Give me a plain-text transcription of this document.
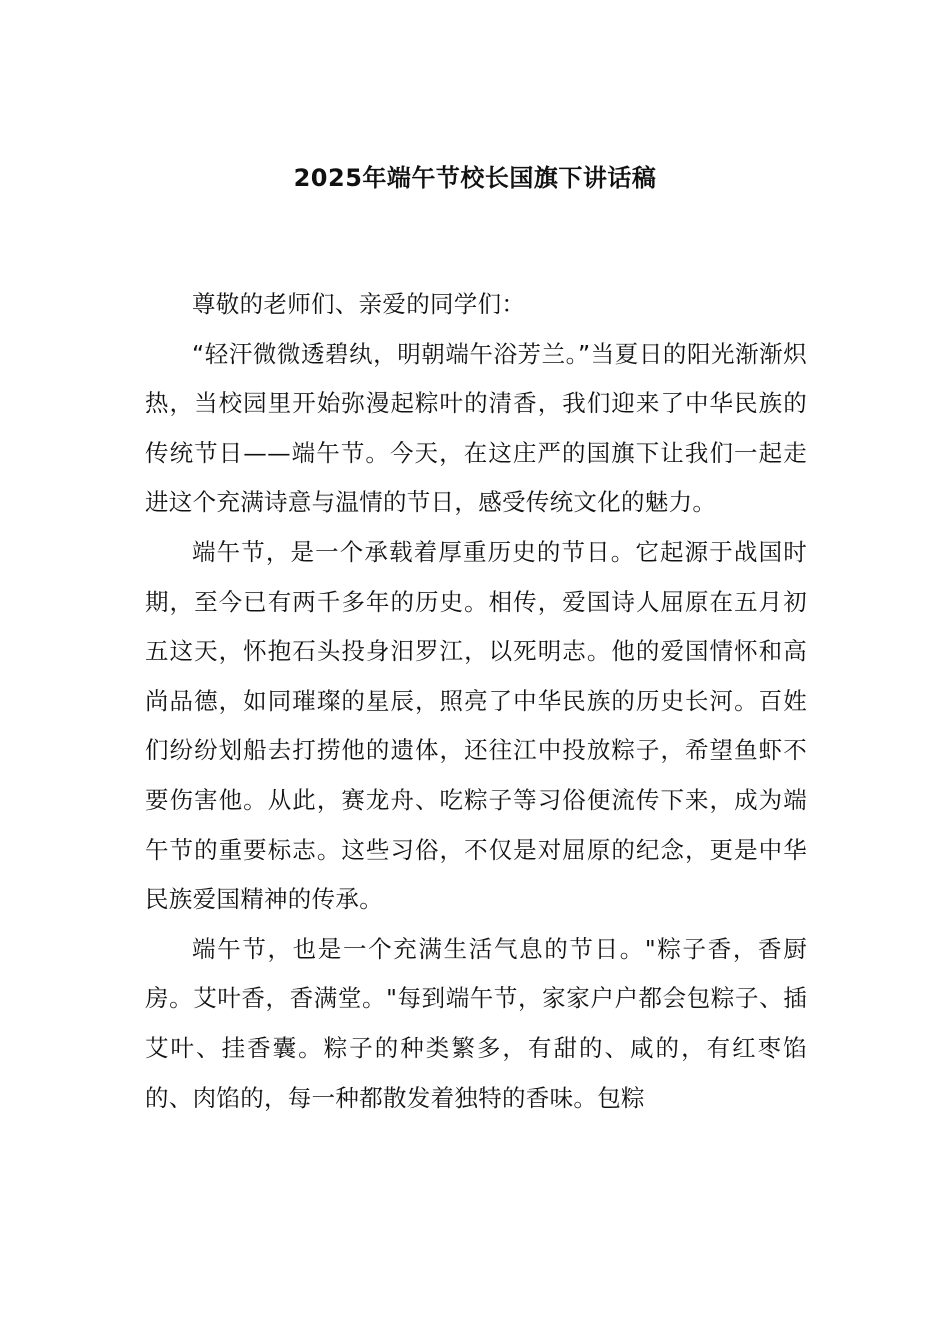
2025年端午节校长国旗下讲话稿

尊敬的老师们、亲爱的同学们：

“轻汗微微透碧纨，明朝端午浴芳兰。”当夏日的阳光渐渐炽热，当校园里开始弥漫起粽叶的清香，我们迎来了中华民族的传统节日——端午节。今天，在这庄严的国旗下让我们一起走进这个充满诗意与温情的节日，感受传统文化的魅力。

端午节，是一个承载着厚重历史的节日。它起源于战国时期，至今已有两千多年的历史。相传，爱国诗人屈原在五月初五这天，怀抱石头投身汨罗江，以死明志。他的爱国情怀和高尚品德，如同璀璨的星辰，照亮了中华民族的历史长河。百姓们纷纷划船去打捞他的遗体，还往江中投放粽子，希望鱼虾不要伤害他。从此，赛龙舟、吃粽子等习俗便流传下来，成为端午节的重要标志。这些习俗，不仅是对屈原的纪念，更是中华民族爱国精神的传承。

端午节，也是一个充满生活气息的节日。"粽子香，香厨房。艾叶香，香满堂。"每到端午节，家家户户都会包粽子、插艾叶、挂香囊。粽子的种类繁多，有甜的、咸的，有红枣馅的、肉馅的，每一种都散发着独特的香味。包粽
